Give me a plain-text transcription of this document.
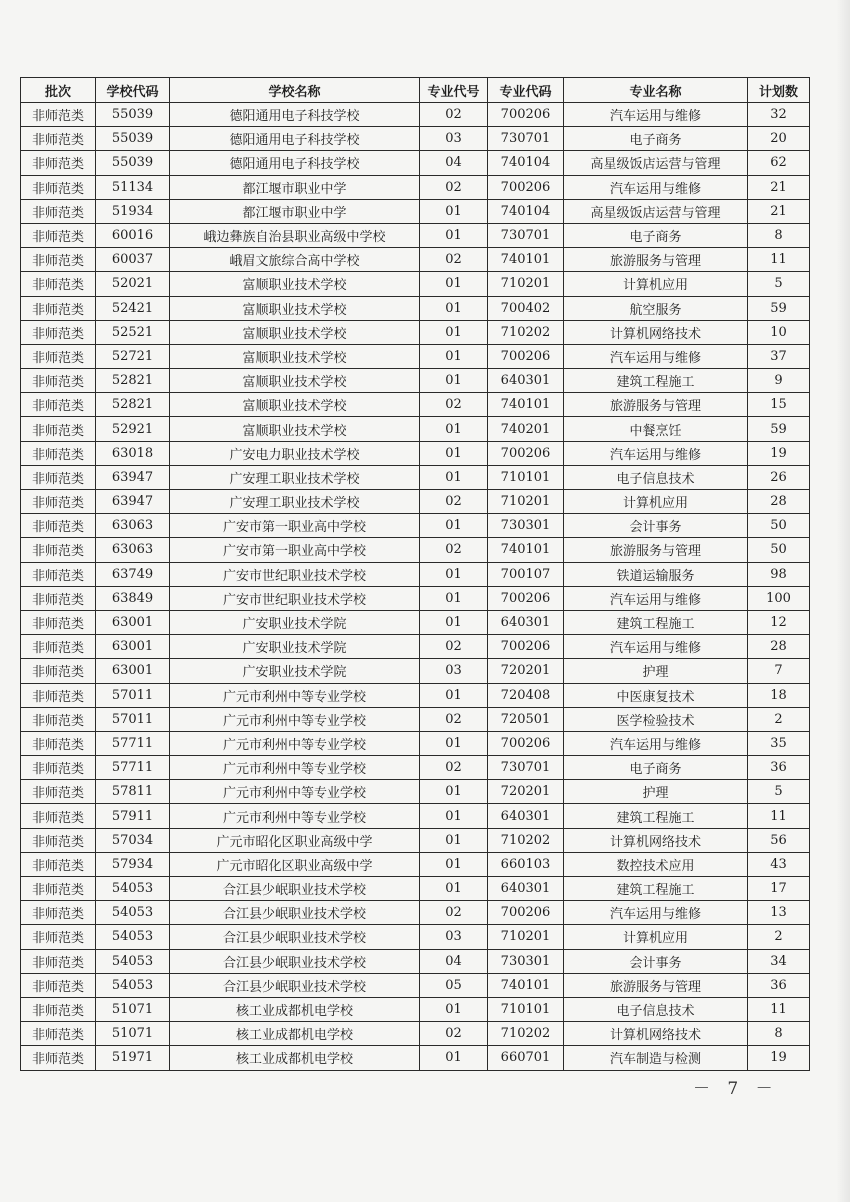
批次	学校代码	学校名称	专业代号	专业代码	专业名称	计划数
非师范类	55039	德阳通用电子科技学校	02	700206	汽车运用与维修	32
非师范类	55039	德阳通用电子科技学校	03	730701	电子商务	20
非师范类	55039	德阳通用电子科技学校	04	740104	高星级饭店运营与管理	62
非师范类	51134	都江堰市职业中学	02	700206	汽车运用与维修	21
非师范类	51934	都江堰市职业中学	01	740104	高星级饭店运营与管理	21
非师范类	60016	峨边彝族自治县职业高级中学校	01	730701	电子商务	8
非师范类	60037	峨眉文旅综合高中学校	02	740101	旅游服务与管理	11
非师范类	52021	富顺职业技术学校	01	710201	计算机应用	5
非师范类	52421	富顺职业技术学校	01	700402	航空服务	59
非师范类	52521	富顺职业技术学校	01	710202	计算机网络技术	10
非师范类	52721	富顺职业技术学校	01	700206	汽车运用与维修	37
非师范类	52821	富顺职业技术学校	01	640301	建筑工程施工	9
非师范类	52821	富顺职业技术学校	02	740101	旅游服务与管理	15
非师范类	52921	富顺职业技术学校	01	740201	中餐烹饪	59
非师范类	63018	广安电力职业技术学校	01	700206	汽车运用与维修	19
非师范类	63947	广安理工职业技术学校	01	710101	电子信息技术	26
非师范类	63947	广安理工职业技术学校	02	710201	计算机应用	28
非师范类	63063	广安市第一职业高中学校	01	730301	会计事务	50
非师范类	63063	广安市第一职业高中学校	02	740101	旅游服务与管理	50
非师范类	63749	广安市世纪职业技术学校	01	700107	铁道运输服务	98
非师范类	63849	广安市世纪职业技术学校	01	700206	汽车运用与维修	100
非师范类	63001	广安职业技术学院	01	640301	建筑工程施工	12
非师范类	63001	广安职业技术学院	02	700206	汽车运用与维修	28
非师范类	63001	广安职业技术学院	03	720201	护理	7
非师范类	57011	广元市利州中等专业学校	01	720408	中医康复技术	18
非师范类	57011	广元市利州中等专业学校	02	720501	医学检验技术	2
非师范类	57711	广元市利州中等专业学校	01	700206	汽车运用与维修	35
非师范类	57711	广元市利州中等专业学校	02	730701	电子商务	36
非师范类	57811	广元市利州中等专业学校	01	720201	护理	5
非师范类	57911	广元市利州中等专业学校	01	640301	建筑工程施工	11
非师范类	57034	广元市昭化区职业高级中学	01	710202	计算机网络技术	56
非师范类	57934	广元市昭化区职业高级中学	01	660103	数控技术应用	43
非师范类	54053	合江县少岷职业技术学校	01	640301	建筑工程施工	17
非师范类	54053	合江县少岷职业技术学校	02	700206	汽车运用与维修	13
非师范类	54053	合江县少岷职业技术学校	03	710201	计算机应用	2
非师范类	54053	合江县少岷职业技术学校	04	730301	会计事务	34
非师范类	54053	合江县少岷职业技术学校	05	740101	旅游服务与管理	36
非师范类	51071	核工业成都机电学校	01	710101	电子信息技术	11
非师范类	51071	核工业成都机电学校	02	710202	计算机网络技术	8
非师范类	51971	核工业成都机电学校	01	660701	汽车制造与检测	19
－ 7 －
